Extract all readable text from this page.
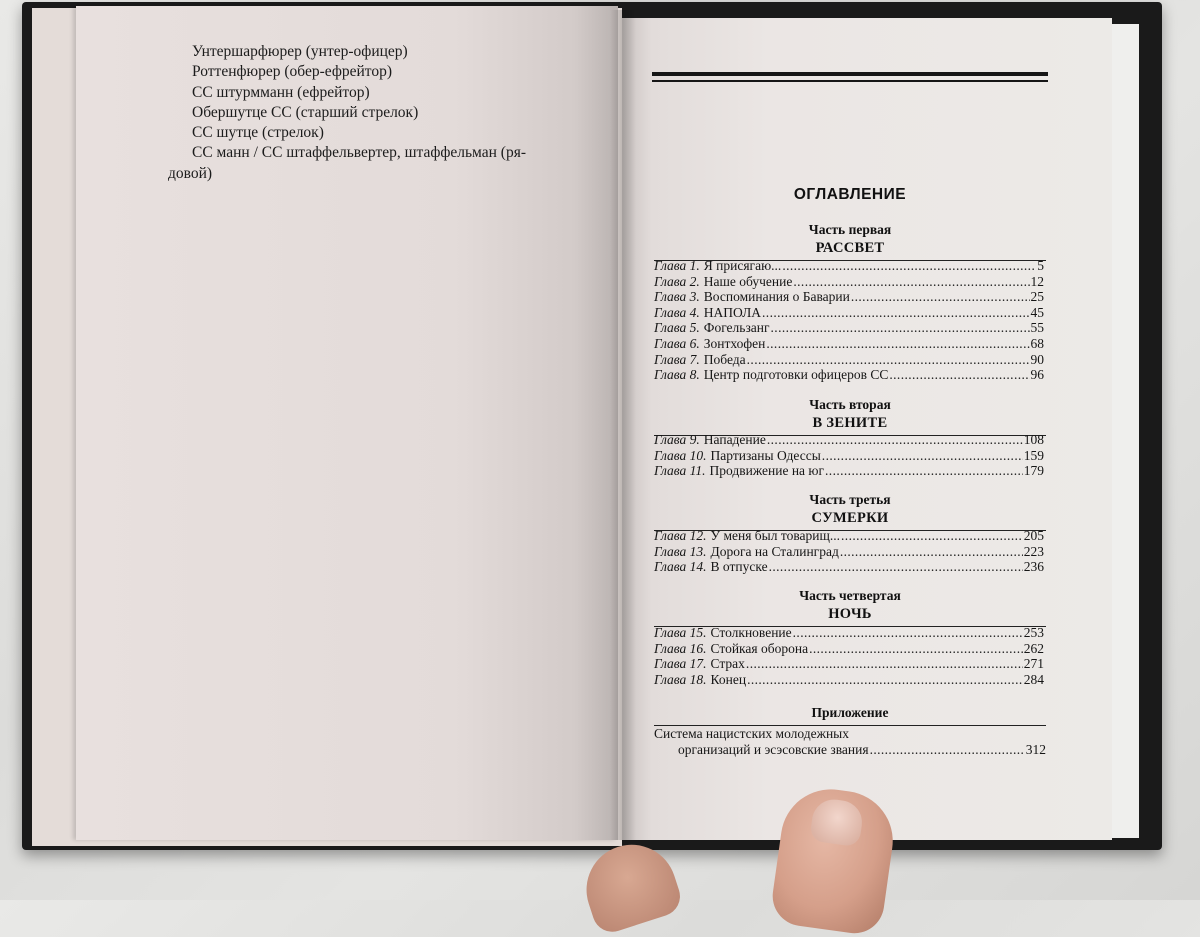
Унтершарфюрер (унтер-офицер)
Роттенфюрер (обер-ефрейтор)
СС штурмманн (ефрейтор)
Обершутце СС (старший стрелок)
СС шутце (стрелок)
СС манн / СС штаффельвертер, штаффельман (ря-
довой)
ОГЛАВЛЕНИЕ
Часть первая
РАССВЕТ
Глава 1. Я присягаю... .....	5
Глава 2. Наше обучение .....	12
Глава 3. Воспоминания о Баварии .....	25
Глава 4. НАПОЛА .....	45
Глава 5. Фогельзанг .....	55
Глава 6. Зонтхофен .....	68
Глава 7. Победа .....	90
Глава 8. Центр подготовки офицеров СС .....	96
Часть вторая
В ЗЕНИТЕ
Глава 9. Нападение .....	108
Глава 10. Партизаны Одессы .....	159
Глава 11. Продвижение на юг .....	179
Часть третья
СУМЕРКИ
Глава 12. У меня был товарищ... .....	205
Глава 13. Дорога на Сталинград .....	223
Глава 14. В отпуске .....	236
Часть четвертая
НОЧЬ
Глава 15. Столкновение .....	253
Глава 16. Стойкая оборона .....	262
Глава 17. Страх .....	271
Глава 18. Конец .....	284
Приложение
Система нацистских молодежных
организаций и эсэсовские звания .....	312
